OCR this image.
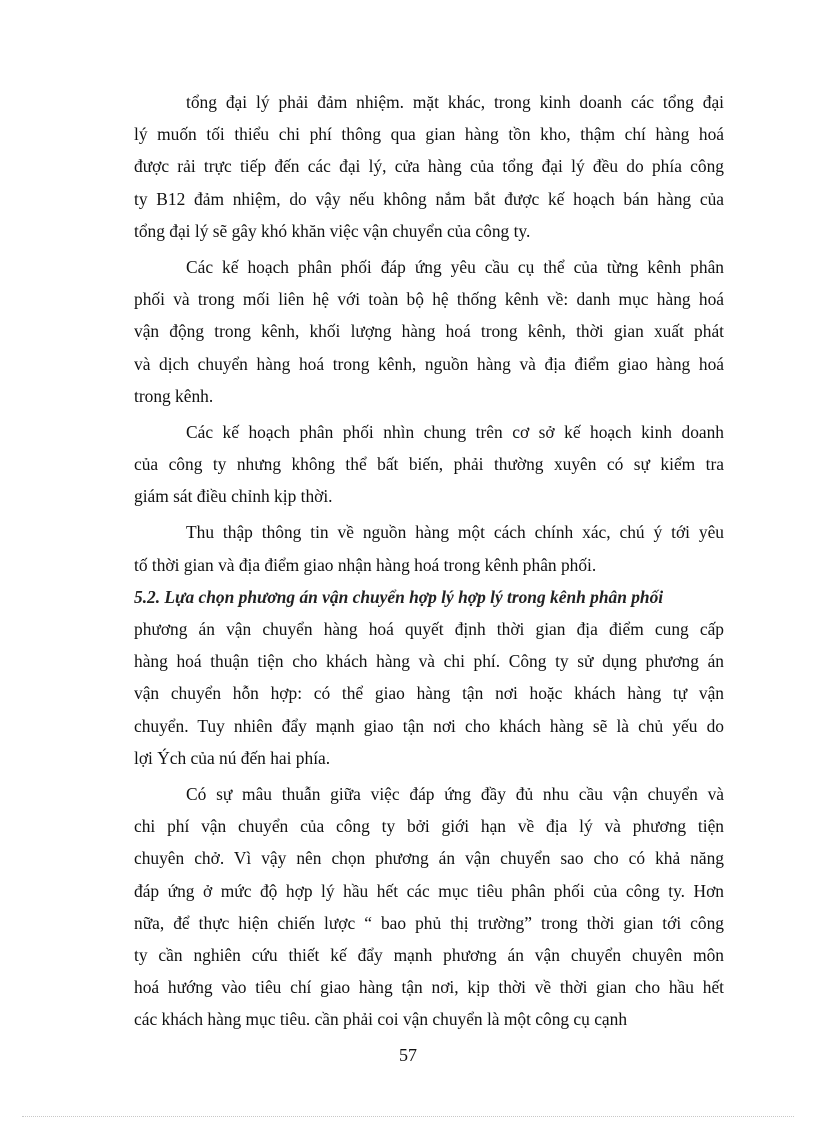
tổng đại lý phải đảm nhiệm. mặt khác, trong kinh doanh các tổng đại
lý muốn tối thiểu chi phí thông qua gian hàng tồn kho, thậm chí hàng hoá
được rải trực tiếp đến các đại lý, cửa hàng của tổng đại lý đều do phía công
ty B12 đảm nhiệm, do vậy nếu không nắm bắt được kế hoạch bán hàng của
tổng đại lý sẽ gây khó khăn việc vận chuyển của công ty.
Các kế hoạch phân phối đáp ứng yêu cầu cụ thể của từng kênh phân
phối và trong mối liên hệ với toàn bộ hệ thống kênh về: danh mục hàng hoá
vận động trong kênh, khối lượng hàng hoá trong kênh, thời gian xuất phát
và dịch chuyển hàng hoá trong kênh, nguồn hàng và địa điểm giao hàng hoá
trong kênh.
Các kế hoạch phân phối nhìn chung trên cơ sở kế hoạch kinh doanh
của công ty nhưng không thể bất biến, phải thường xuyên có sự kiểm tra
giám sát điều chỉnh kịp thời.
Thu thập thông tin về nguồn hàng một cách chính xác, chú ý tới yêu
tố thời gian và địa điểm giao nhận hàng hoá trong kênh phân phối.
5.2. Lựa chọn phương án vận chuyển hợp lý hợp lý trong kênh phân phối
phương án vận chuyển hàng hoá quyết định thời gian địa điểm cung cấp
hàng hoá thuận tiện cho khách hàng và chi phí. Công ty sử dụng phương án
vận chuyển hỗn hợp: có thể giao hàng tận nơi hoặc khách hàng tự vận
chuyển. Tuy nhiên đẩy mạnh giao tận nơi cho khách hàng sẽ là chủ yếu do
lợi Ých của nú đến hai phía.
Có sự mâu thuẫn giữa việc đáp ứng đầy đủ nhu cầu vận chuyển và
chi phí vận chuyển của công ty bởi giới hạn về địa lý và phương tiện
chuyên chở. Vì vậy nên chọn phương án vận chuyển sao cho có khả năng
đáp ứng ở mức độ hợp lý hầu hết các mục tiêu phân phối của công ty. Hơn
nữa, để thực hiện chiến lược “ bao phủ thị trường” trong thời gian tới công
ty cần nghiên cứu thiết kế đẩy mạnh phương án vận chuyển chuyên môn
hoá hướng vào tiêu chí giao hàng tận nơi, kịp thời về thời gian cho hầu hết
các khách hàng mục tiêu. cần phải coi vận chuyển là một công cụ cạnh
57
